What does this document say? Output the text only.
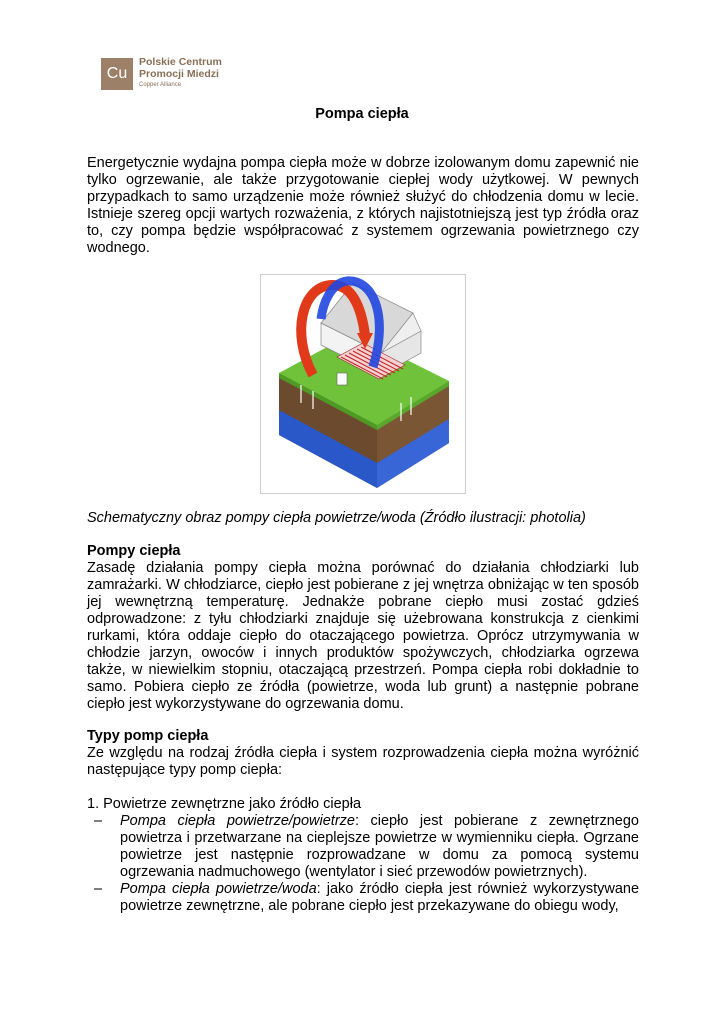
Cu
Polskie Centrum
Promocji Miedzi
Copper Alliance
Pompa ciepła
Energetycznie wydajna pompa ciepła może w dobrze izolowanym domu zapewnić nie tylko ogrzewanie, ale także przygotowanie ciepłej wody użytkowej. W pewnych przypadkach to samo urządzenie może również służyć do chłodzenia domu w lecie. Istnieje szereg opcji wartych rozważenia, z których najistotniejszą jest typ źródła oraz to, czy pompa będzie współpracować z systemem ogrzewania powietrznego czy wodnego.
Schematyczny obraz pompy ciepła powietrze/woda (Źródło ilustracji: photolia)
Pompy ciepła
Zasadę działania pompy ciepła można porównać do działania chłodziarki lub zamrażarki. W chłodziarce, ciepło jest pobierane z jej wnętrza obniżając w ten sposób jej wewnętrzną temperaturę. Jednakże pobrane ciepło musi zostać gdzieś odprowadzone: z tyłu chłodziarki znajduje się użebrowana konstrukcja z cienkimi rurkami, która oddaje ciepło do otaczającego powietrza. Oprócz utrzymywania w chłodzie jarzyn, owoców i innych produktów spożywczych, chłodziarka ogrzewa także, w niewielkim stopniu, otaczającą przestrzeń. Pompa ciepła robi dokładnie to samo. Pobiera ciepło ze źródła (powietrze, woda lub grunt) a następnie pobrane ciepło jest wykorzystywane do ogrzewania domu.
Typy pomp ciepła
Ze względu na rodzaj źródła ciepła i system rozprowadzenia ciepła można wyróżnić następujące typy pomp ciepła:
1. Powietrze zewnętrzne jako źródło ciepła
– Pompa ciepła powietrze/powietrze: ciepło jest pobierane z zewnętrznego powietrza i przetwarzane na cieplejsze powietrze w wymienniku ciepła. Ogrzane powietrze jest następnie rozprowadzane w domu za pomocą systemu ogrzewania nadmuchowego (wentylator i sieć przewodów powietrznych).
– Pompa ciepła powietrze/woda: jako źródło ciepła jest również wykorzystywane powietrze zewnętrzne, ale pobrane ciepło jest przekazywane do obiegu wody,
